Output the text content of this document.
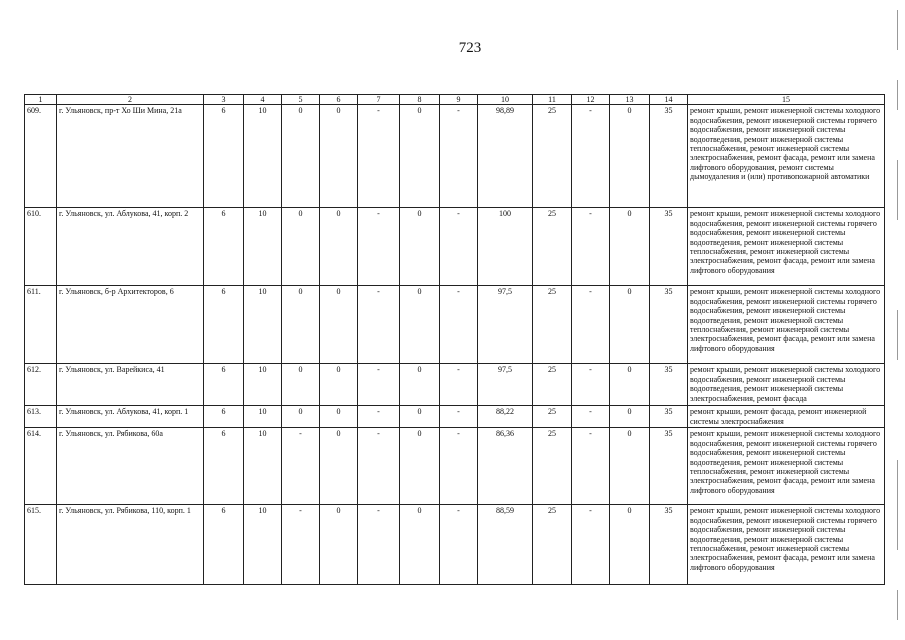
723
1	2	3	4	5	6	7	8	9	10	11	12	13	14	15
609.	г. Ульяновск, пр-т Хо Ши Мина, 21а	6	10	0	0	-	0	-	98,89	25	-	0	35	ремонт крыши, ремонт инженерной системы холодного водоснабжения, ремонт инженерной системы горячего водоснабжения, ремонт инженерной системы водоотведения, ремонт инженерной системы теплоснабжения, ремонт инженерной системы электроснабжения, ремонт фасада, ремонт или замена лифтового оборудования, ремонт системы дымоудаления и (или) противопожарной автоматики
610.	г. Ульяновск, ул. Аблукова, 41, корп. 2	6	10	0	0	-	0	-	100	25	-	0	35	ремонт крыши, ремонт инженерной системы холодного водоснабжения, ремонт инженерной системы горячего водоснабжения, ремонт инженерной системы водоотведения, ремонт инженерной системы теплоснабжения, ремонт инженерной системы электроснабжения, ремонт фасада, ремонт или замена лифтового оборудования
611.	г. Ульяновск, б-р Архитекторов, 6	6	10	0	0	-	0	-	97,5	25	-	0	35	ремонт крыши, ремонт инженерной системы холодного водоснабжения, ремонт инженерной системы горячего водоснабжения, ремонт инженерной системы водоотведения, ремонт инженерной системы теплоснабжения, ремонт инженерной системы электроснабжения, ремонт фасада, ремонт или замена лифтового оборудования
612.	г. Ульяновск, ул. Варейкиса, 41	6	10	0	0	-	0	-	97,5	25	-	0	35	ремонт крыши, ремонт инженерной системы холодного водоснабжения, ремонт инженерной системы водоотведения, ремонт инженерной системы электроснабжения, ремонт фасада
613.	г. Ульяновск, ул. Аблукова, 41, корп. 1	6	10	0	0	-	0	-	88,22	25	-	0	35	ремонт крыши, ремонт фасада, ремонт инженерной системы электроснабжения
614.	г. Ульяновск, ул. Рябикова, 60а	6	10	-	0	-	0	-	86,36	25	-	0	35	ремонт крыши, ремонт инженерной системы холодного водоснабжения, ремонт инженерной системы горячего водоснабжения, ремонт инженерной системы водоотведения, ремонт инженерной системы теплоснабжения, ремонт инженерной системы электроснабжения, ремонт фасада, ремонт или замена лифтового оборудования
615.	г. Ульяновск, ул. Рябикова, 110, корп. 1	6	10	-	0	-	0	-	88,59	25	-	0	35	ремонт крыши, ремонт инженерной системы холодного водоснабжения, ремонт инженерной системы горячего водоснабжения, ремонт инженерной системы водоотведения, ремонт инженерной системы теплоснабжения, ремонт инженерной системы электроснабжения, ремонт фасада, ремонт или замена лифтового оборудования
